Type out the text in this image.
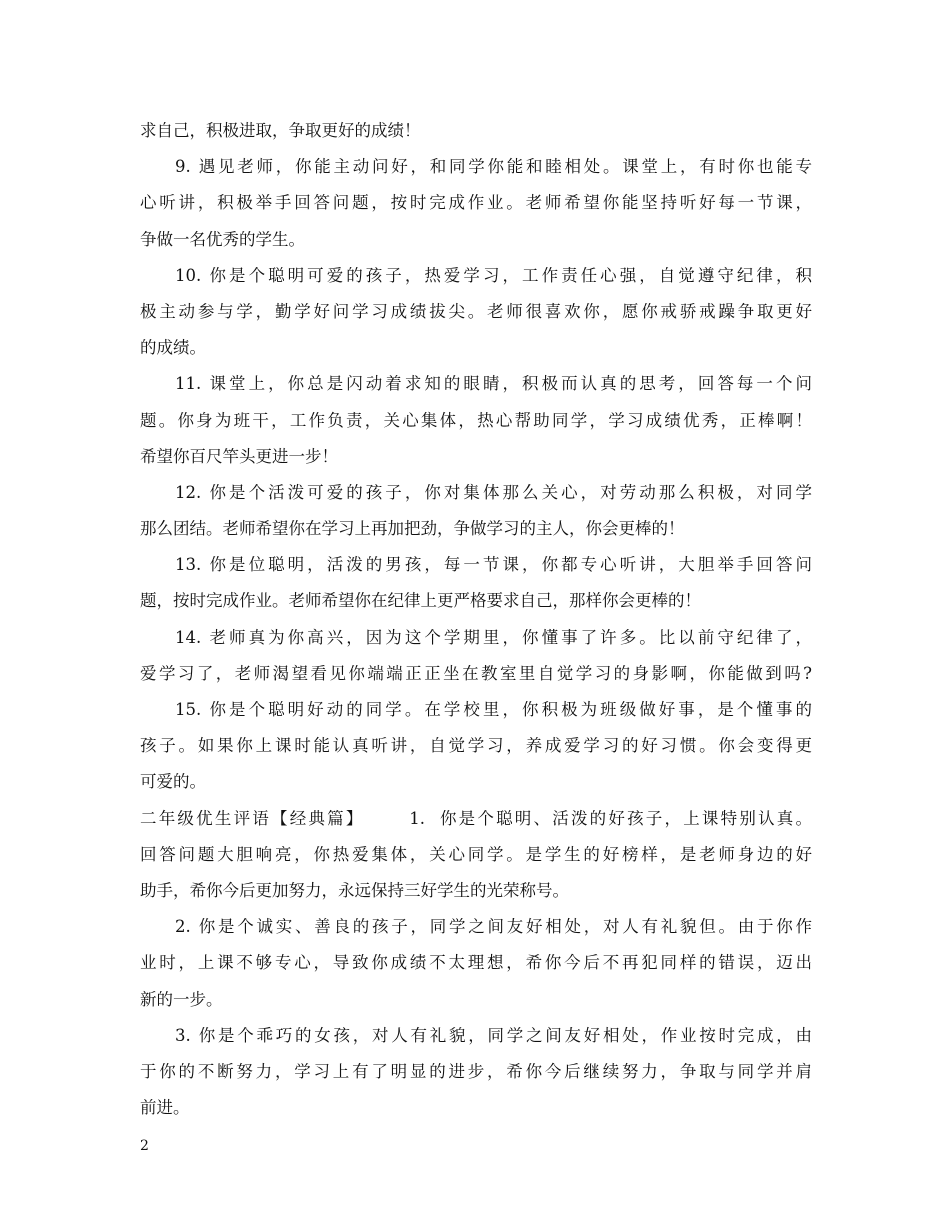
求自己，积极进取，争取更好的成绩！
9. 遇见老师，你能主动问好，和同学你能和睦相处。课堂上，有时你也能专
心听讲，积极举手回答问题，按时完成作业。老师希望你能坚持听好每一节课，
争做一名优秀的学生。
10. 你是个聪明可爱的孩子，热爱学习，工作责任心强，自觉遵守纪律，积
极主动参与学，勤学好问学习成绩拔尖。老师很喜欢你，愿你戒骄戒躁争取更好
的成绩。
11. 课堂上，你总是闪动着求知的眼睛，积极而认真的思考，回答每一个问
题。你身为班干，工作负责，关心集体，热心帮助同学，学习成绩优秀，正棒啊！
希望你百尺竿头更进一步！
12. 你是个活泼可爱的孩子，你对集体那么关心，对劳动那么积极，对同学
那么团结。老师希望你在学习上再加把劲，争做学习的主人，你会更棒的！
13. 你是位聪明，活泼的男孩，每一节课，你都专心听讲，大胆举手回答问
题，按时完成作业。老师希望你在纪律上更严格要求自己，那样你会更棒的！
14. 老师真为你高兴，因为这个学期里，你懂事了许多。比以前守纪律了，
爱学习了，老师渴望看见你端端正正坐在教室里自觉学习的身影啊，你能做到吗?
15. 你是个聪明好动的同学。在学校里，你积极为班级做好事，是个懂事的
孩子。如果你上课时能认真听讲，自觉学习，养成爱学习的好习惯。你会变得更
可爱的。
二年级优生评语【经典篇】      1.  你是个聪明、活泼的好孩子，上课特别认真。
回答问题大胆响亮，你热爱集体，关心同学。是学生的好榜样，是老师身边的好
助手，希你今后更加努力，永远保持三好学生的光荣称号。
2. 你是个诚实、善良的孩子，同学之间友好相处，对人有礼貌但。由于你作
业时，上课不够专心，导致你成绩不太理想，希你今后不再犯同样的错误，迈出
新的一步。
3. 你是个乖巧的女孩，对人有礼貌，同学之间友好相处，作业按时完成，由
于你的不断努力，学习上有了明显的进步，希你今后继续努力，争取与同学并肩
前进。
2
